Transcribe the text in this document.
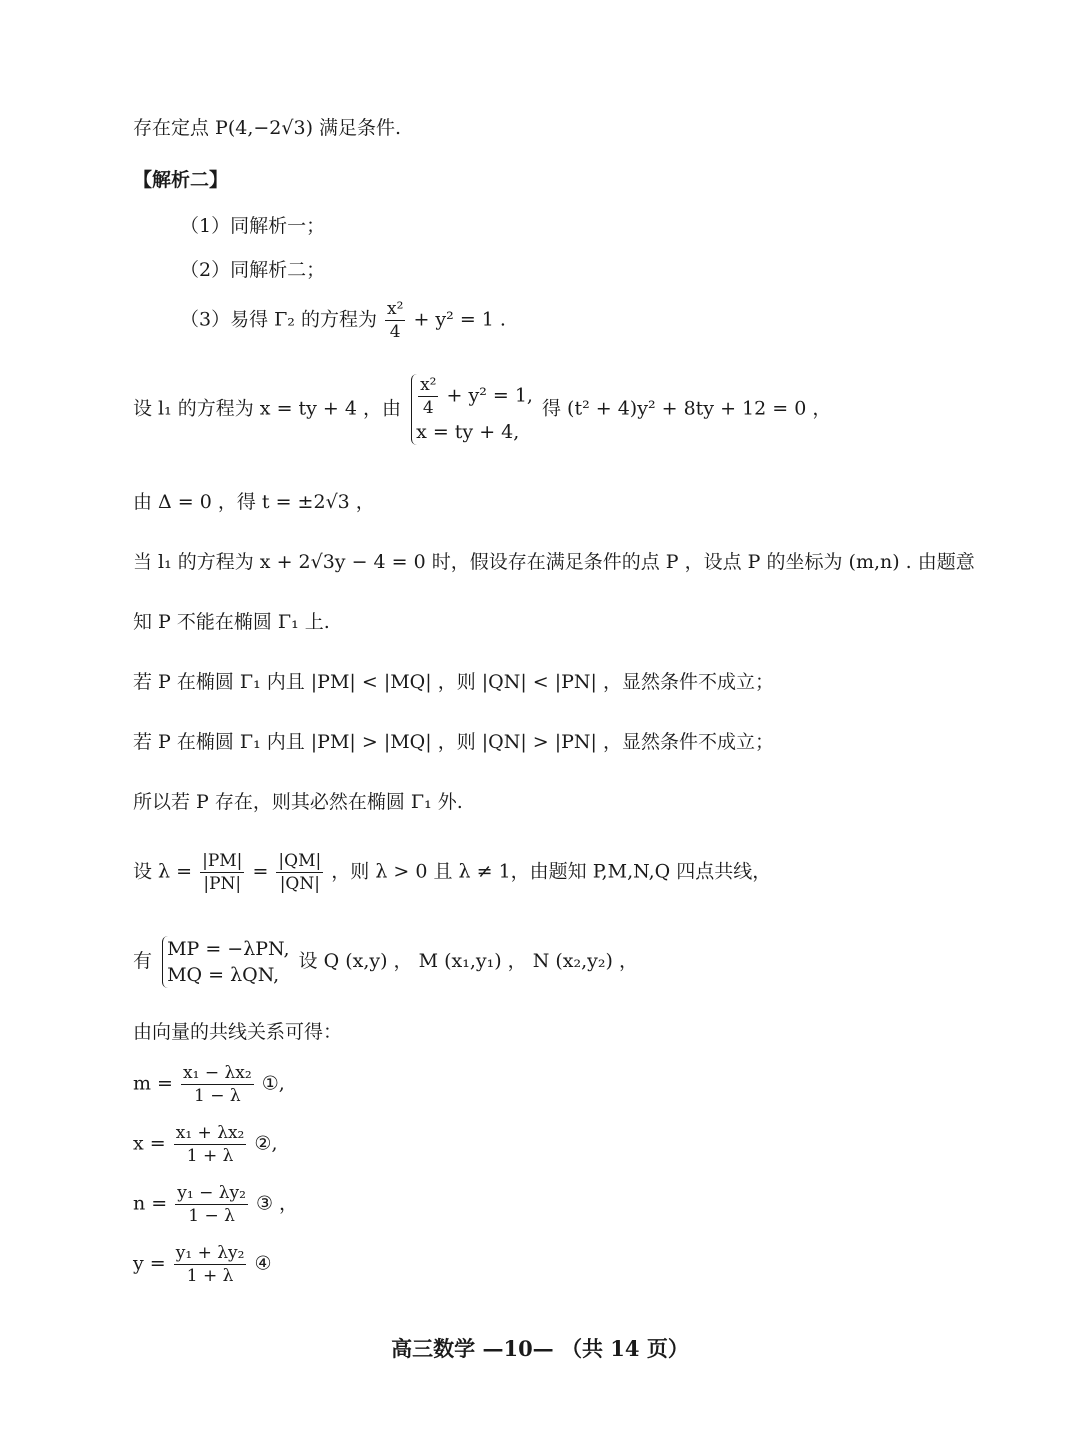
存在定点 P(4,−2√3) 满足条件.
【解析二】
（1）同解析一；
（2）同解析二；
（3）易得 Γ₂ 的方程为 $\frac{\text{x²}}{4} + y^2 = 1$ .
设 l₁ 的方程为 x = ty + 4 ，由 $\frac{\text{x²}}{4} + y^2 = 1$,
x = ty + 4,
得 (t² + 4)y² + 8ty + 12 = 0 ，
由 Δ = 0 ，得 t = ±2√3 ，
当 l₁ 的方程为 x + 2√3y − 4 = 0 时，假设存在满足条件的点 P ，设点 P 的坐标为 (m,n) . 由题意
知 P 不能在椭圆 Γ₁ 上.
若 P 在椭圆 Γ₁ 内且 |PM| < |MQ| ，则 |QN| < |PN| ，显然条件不成立；
若 P 在椭圆 Γ₁ 内且 |PM| > |MQ| ，则 |QN| > |PN| ，显然条件不成立；
所以若 P 存在，则其必然在椭圆 Γ₁ 外.
设 $\lambda = \frac{|PM|}{|PN|} = \frac{|QM|}{|QN|}$ ，则 λ > 0 且 λ ≠ 1，由题知 P,M,N,Q 四点共线，
有
MP = −λPN,
MQ = λQN,
设 Q (x,y) ， M (x₁,y₁) ， N (x₂,y₂) ，
由向量的共线关系可得：
$m = \frac{\text{x₁ − λx₂}}{1 - \lambda}$ ①,
$x = \frac{\text{x₁ + λx₂}}{1 + \lambda}$ ②,
$n = \frac{\text{y₁ − λy₂}}{1 - \lambda}$ ③ ，
$y = \frac{\text{y₁ + λy₂}}{1 + \lambda}$ ④
高三数学 —10— （共 14 页）
